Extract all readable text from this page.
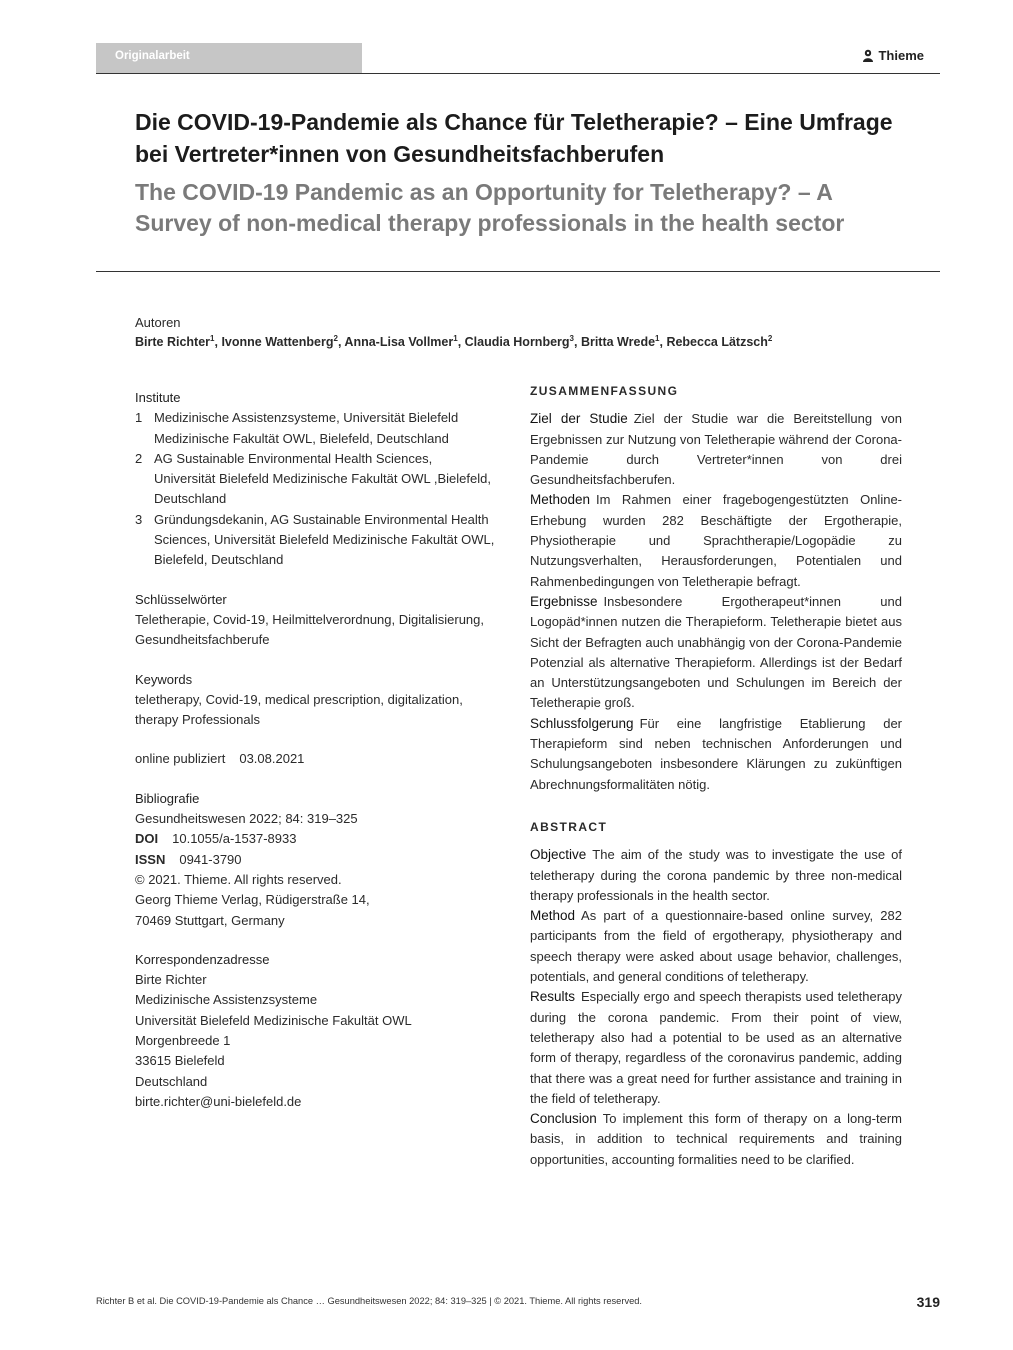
Originalarbeit	Thieme
Die COVID-19-Pandemie als Chance für Teletherapie? – Eine Umfrage bei Vertreter*innen von Gesundheitsfachberufen
The COVID-19 Pandemic as an Opportunity for Teletherapy? – A Survey of non-medical therapy professionals in the health sector
Autoren
Birte Richter$^1$, Ivonne Wattenberg$^2$, Anna-Lisa Vollmer$^1$, Claudia Hornberg$^3$, Britta Wrede$^1$, Rebecca Lätzsch$^2$
Institute
1 Medizinische Assistenzsysteme, Universität Bielefeld Medizinische Fakultät OWL, Bielefeld, Deutschland
2 AG Sustainable Environmental Health Sciences, Universität Bielefeld Medizinische Fakultät OWL ,Bielefeld, Deutschland
3 Gründungsdekanin, AG Sustainable Environmental Health Sciences, Universität Bielefeld Medizinische Fakultät OWL, Bielefeld, Deutschland
Schlüsselwörter
Teletherapie, Covid-19, Heilmittelverordnung, Digitalisierung, Gesundheitsfachberufe
Keywords
teletherapy, Covid-19, medical prescription, digitalization, therapy Professionals
online publiziert 03.08.2021
Bibliografie
Gesundheitswesen 2022; 84: 319–325
DOI 10.1055/a-1537-8933
ISSN 0941-3790
© 2021. Thieme. All rights reserved.
Georg Thieme Verlag, Rüdigerstraße 14,
70469 Stuttgart, Germany
Korrespondenzadresse
Birte Richter
Medizinische Assistenzsysteme
Universität Bielefeld Medizinische Fakultät OWL
Morgenbreede 1
33615 Bielefeld
Deutschland
birte.richter@uni-bielefeld.de
ZUSAMMENFASSUNG

Ziel der Studie Ziel der Studie war die Bereitstellung von Ergebnissen zur Nutzung von Teletherapie während der Corona-Pandemie durch Vertreter*innen von drei Gesundheitsfachberufen.

Methoden Im Rahmen einer fragebogengestützten Online-Erhebung wurden 282 Beschäftigte der Ergotherapie, Physiotherapie und Sprachtherapie/Logopädie zu Nutzungsverhalten, Herausforderungen, Potentialen und Rahmenbedingungen von Teletherapie befragt.

Ergebnisse Insbesondere Ergotherapeut*innen und Logopäd*innen nutzen die Therapieform. Teletherapie bietet aus Sicht der Befragten auch unabhängig von der Corona-Pandemie Potenzial als alternative Therapieform. Allerdings ist der Bedarf an Unterstützungsangeboten und Schulungen im Bereich der Teletherapie groß.

Schlussfolgerung Für eine langfristige Etablierung der Therapieform sind neben technischen Anforderungen und Schulungsangeboten insbesondere Klärungen zu zukünftigen Abrechnungsformalitäten nötig.

ABSTRACT

Objective The aim of the study was to investigate the use of teletherapy during the corona pandemic by three non-medical therapy professionals in the health sector.

Method As part of a questionnaire-based online survey, 282 participants from the field of ergotherapy, physiotherapy and speech therapy were asked about usage behavior, challenges, potentials, and general conditions of teletherapy.

Results Especially ergo and speech therapists used teletherapy during the corona pandemic. From their point of view, teletherapy also had a potential to be used as an alternative form of therapy, regardless of the coronavirus pandemic, adding that there was a great need for further assistance and training in the field of teletherapy.

Conclusion To implement this form of therapy on a long-term basis, in addition to technical requirements and training opportunities, accounting formalities need to be clarified.

Richter B et al. Die COVID-19-Pandemie als Chance … Gesundheitswesen 2022; 84: 319–325 | © 2021. Thieme. All rights reserved.	319
